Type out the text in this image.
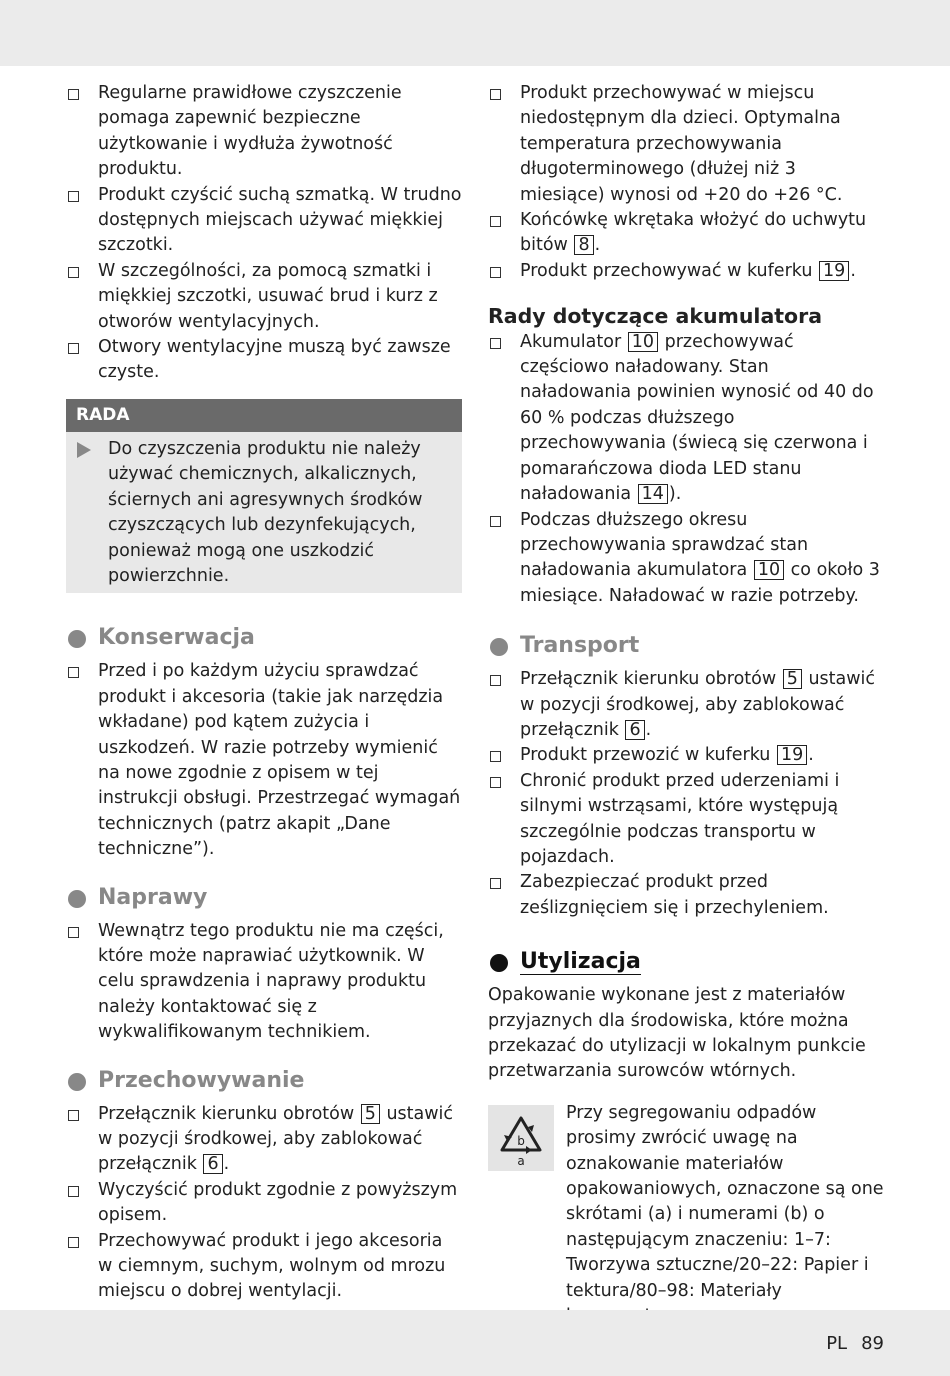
Regularne prawidłowe czyszczenie pomaga zapewnić bezpieczne użytkowanie i wydłuża żywotność produktu.
Produkt czyścić suchą szmatką. W trudno dostępnych miejscach używać miękkiej szczotki.
W szczególności, za pomocą szmatki i miękkiej szczotki, usuwać brud i kurz z otworów wentylacyjnych.
Otwory wentylacyjne muszą być zawsze czyste.
RADA
Do czyszczenia produktu nie należy używać chemicznych, alkalicznych, ściernych ani agresywnych środków czyszczących lub dezynfekujących, ponieważ mogą one uszkodzić powierzchnie.
Konserwacja
Przed i po każdym użyciu sprawdzać produkt i akcesoria (takie jak narzędzia wkładane) pod kątem zużycia i uszkodzeń. W razie potrzeby wymienić na nowe zgodnie z opisem w tej instrukcji obsługi. Przestrzegać wymagań technicznych (patrz akapit „Dane techniczne”).
Naprawy
Wewnątrz tego produktu nie ma części, które może naprawiać użytkownik. W celu sprawdzenia i naprawy produktu należy kontaktować się z wykwalifikowanym technikiem.
Przechowywanie
Przełącznik kierunku obrotów 5 ustawić w pozycji środkowej, aby zablokować przełącznik 6 .
Wyczyścić produkt zgodnie z powyższym opisem.
Przechowywać produkt i jego akcesoria w ciemnym, suchym, wolnym od mrozu miejscu o dobrej wentylacji.
Produkt przechowywać w miejscu niedostępnym dla dzieci. Optymalna temperatura przechowywania długoterminowego (dłużej niż 3 miesiące) wynosi od +20 do +26 °C.
Końcówkę wkrętaka włożyć do uchwytu bitów 8 .
Produkt przechowywać w kuferku 19 .
Rady dotyczące akumulatora
Akumulator 10 przechowywać częściowo naładowany. Stan naładowania powinien wynosić od 40 do 60 % podczas dłuższego przechowywania (świecą się czerwona i pomarańczowa dioda LED stanu naładowania 14 ).
Podczas dłuższego okresu przechowywania sprawdzać stan naładowania akumulatora 10 co około 3 miesiące. Naładować w razie potrzeby.
Transport
Przełącznik kierunku obrotów 5 ustawić w pozycji środkowej, aby zablokować przełącznik 6 .
Produkt przewozić w kuferku 19 .
Chronić produkt przed uderzeniami i silnymi wstrząsami, które występują szczególnie podczas transportu w pojazdach.
Zabezpieczać produkt przed ześlizgnięciem się i przechyleniem.
Utylizacja

Opakowanie wykonane jest z materiałów przyjaznych dla środowiska, które można przekazać do utylizacji w lokalnym punkcie przetwarzania surowców wtórnych.

b
a
Przy segregowaniu odpadów prosimy zwrócić uwagę na oznakowanie materiałów opakowaniowych, oznaczone są one skrótami (a) i numerami (b) o następującym znaczeniu: 1–7: Tworzywa sztuczne/20–22: Papier i tektura/80–98: Materiały
PL 89
